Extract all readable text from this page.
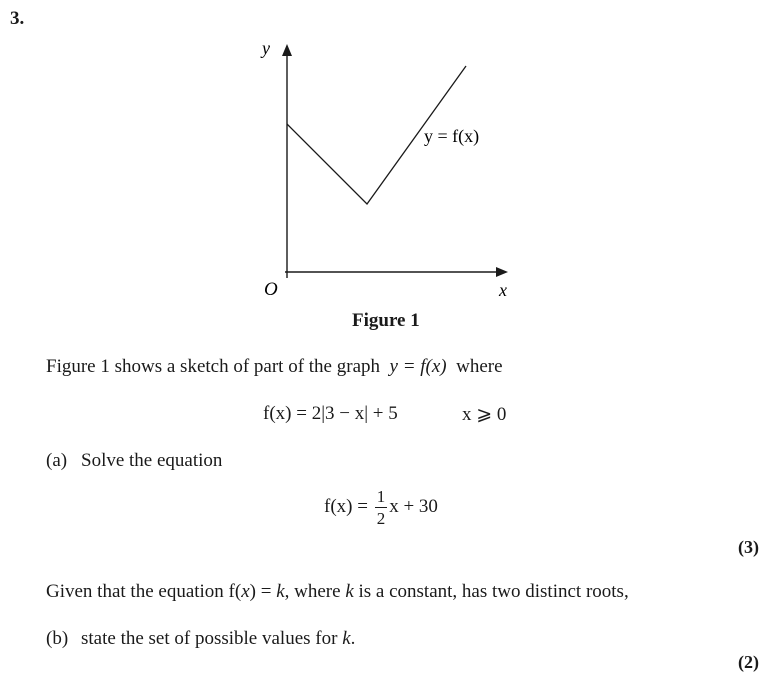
3.
y
x
O
y = f(x)
Figure 1
Figure 1 shows a sketch of part of the graph y = f(x) where
f(x) = 2|3 − x| + 5	x ⩾ 0
(a) Solve the equation
$f(x) = \frac{1}{2}$ x + 30
(3)
Given that the equation f(x) = k, where k is a constant, has two distinct roots,
(b) state the set of possible values for k.
(2)
